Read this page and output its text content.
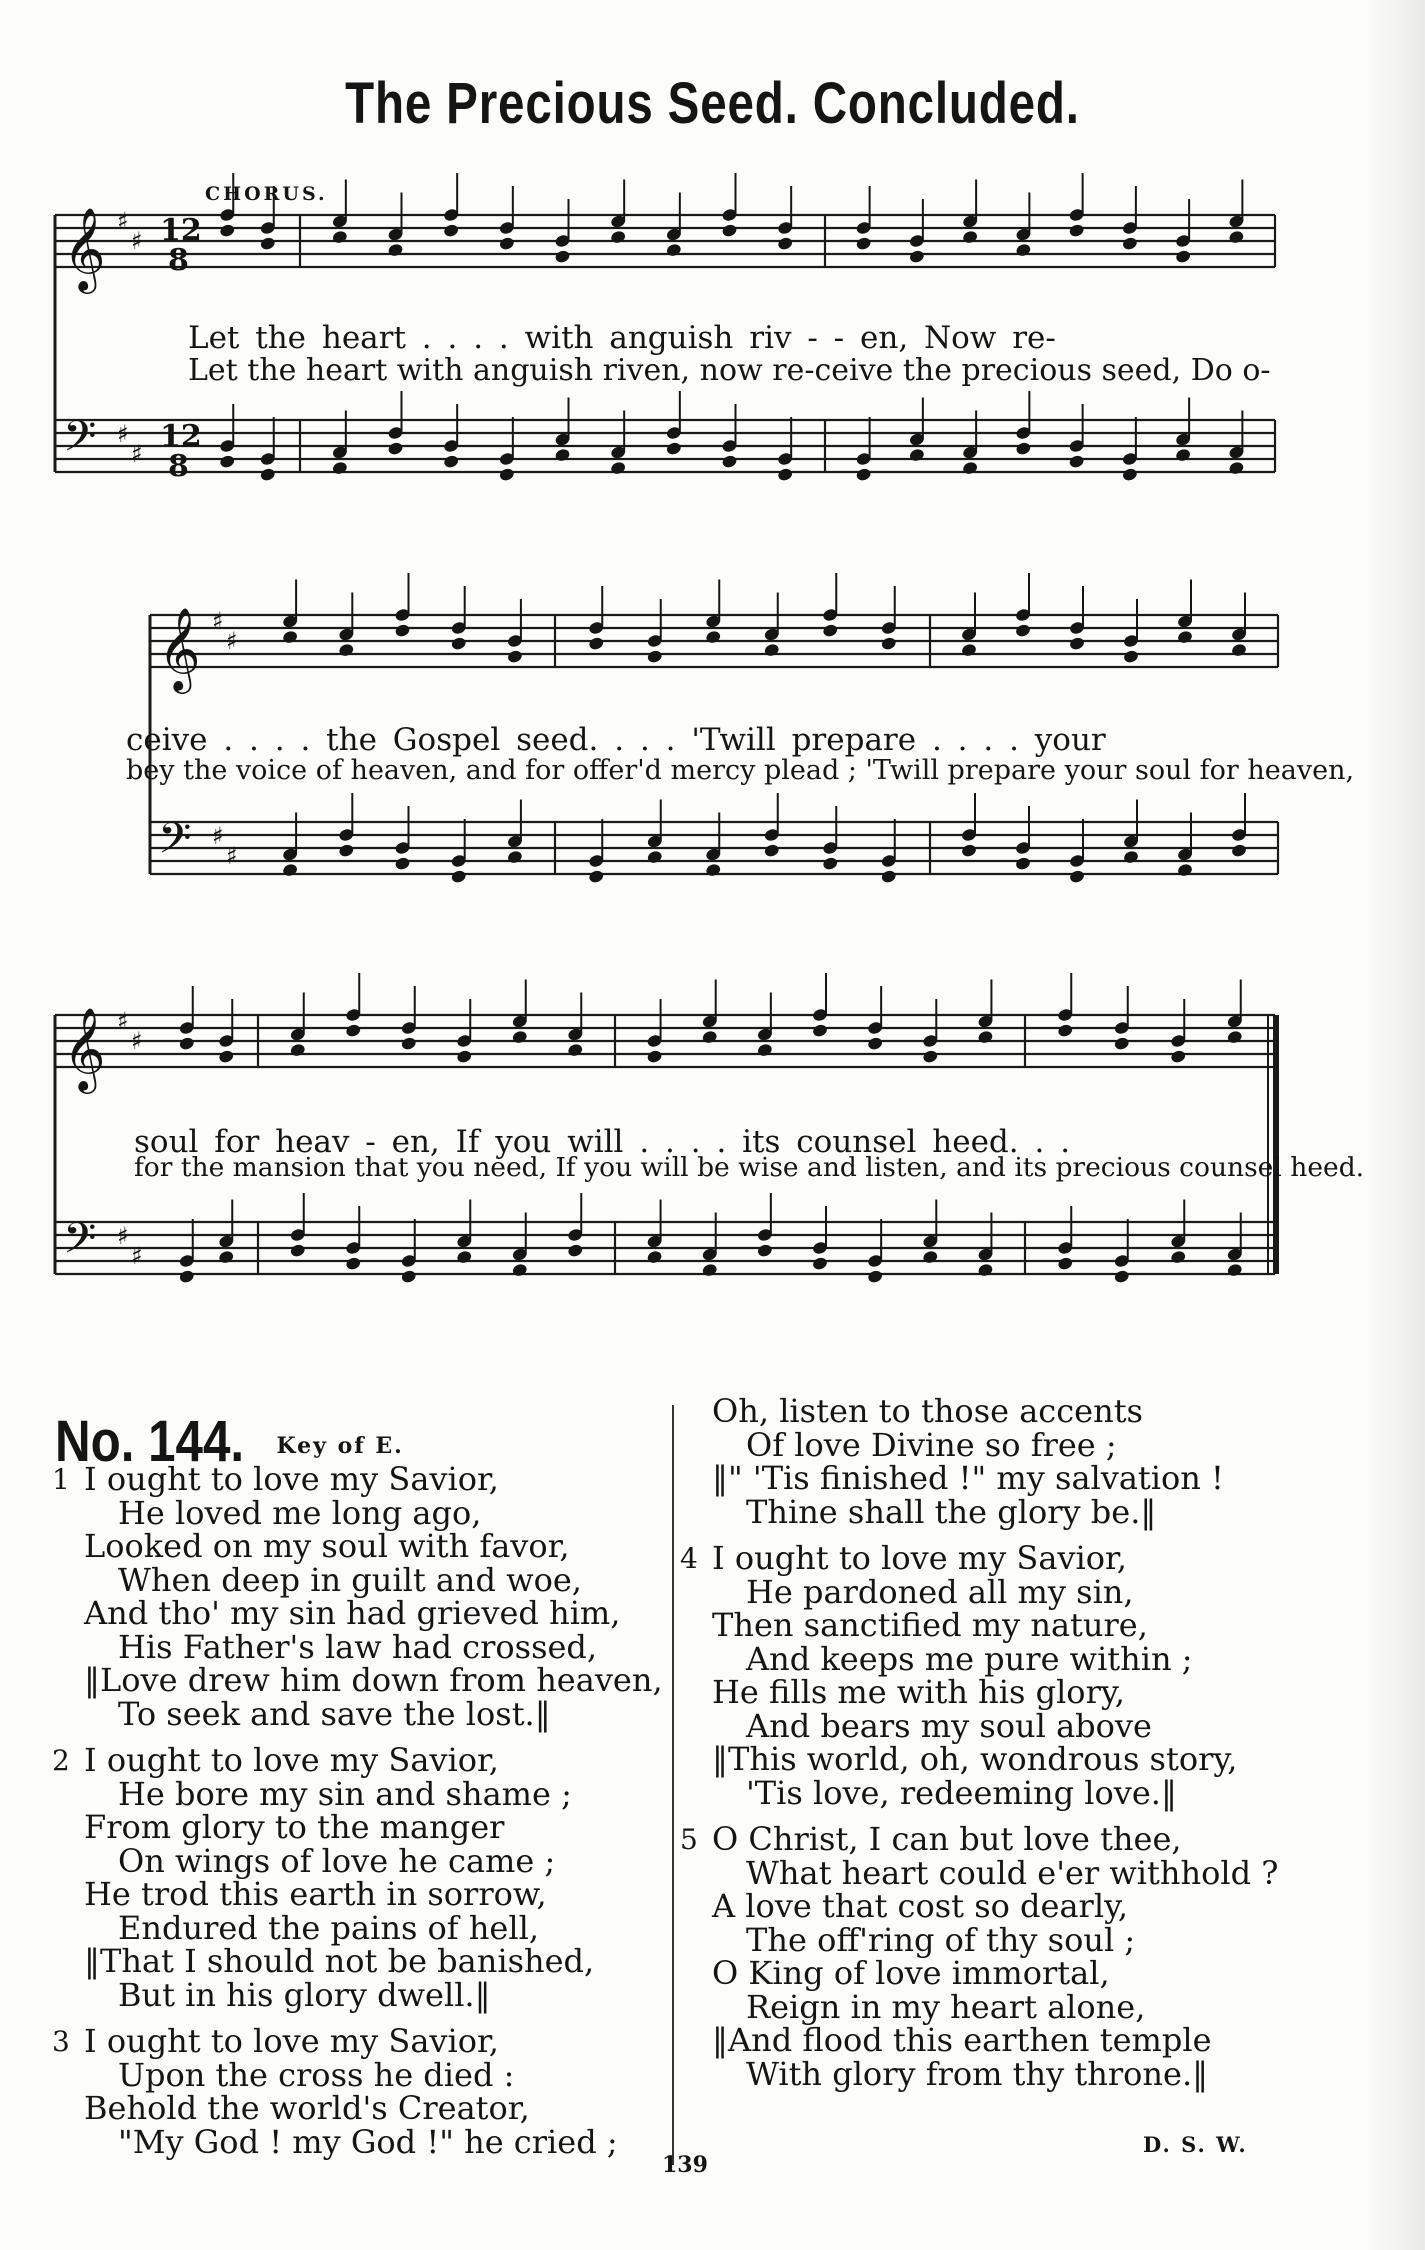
The Precious Seed. Concluded.
CHORUS.
𝄞
𝄢
♯
♯
♯
♯
𝄞
𝄢
♯
♯
♯
♯
𝄞
𝄢
♯
♯
♯
♯
12
8
12
8
Let the heart . . . . with anguish riv - - en, Now re-
Let the heart with anguish riven, now re-ceive the precious seed, Do o-
ceive . . . . the Gospel seed. . . . 'Twill prepare . . . . your
bey the voice of heaven, and for offer'd mercy plead ; 'Twill prepare your soul for heaven,
soul for heav - en, If you will . . . . its counsel heed. . .
for the mansion that you need, If you will be wise and listen, and its precious counsel heed.
No. 144. Key of E.
1 I ought to love my Savior,
He loved me long ago,
Looked on my soul with favor,
When deep in guilt and woe,
And tho' my sin had grieved him,
His Father's law had crossed,
‖Love drew him down from heaven,
To seek and save the lost.‖
2 I ought to love my Savior,
He bore my sin and shame ;
From glory to the manger
On wings of love he came ;
He trod this earth in sorrow,
Endured the pains of hell,
‖That I should not be banished,
But in his glory dwell.‖
3 I ought to love my Savior,
Upon the cross he died :
Behold the world's Creator,
"My God ! my God !" he cried ;
Oh, listen to those accents
Of love Divine so free ;
‖" 'Tis finished !" my salvation !
Thine shall the glory be.‖
4 I ought to love my Savior,
He pardoned all my sin,
Then sanctified my nature,
And keeps me pure within ;
He fills me with his glory,
And bears my soul above
‖This world, oh, wondrous story,
'Tis love, redeeming love.‖
5 O Christ, I can but love thee,
What heart could e'er withhold ?
A love that cost so dearly,
The off'ring of thy soul ;
O King of love immortal,
Reign in my heart alone,
‖And flood this earthen temple
With glory from thy throne.‖
D. S. W.
139
